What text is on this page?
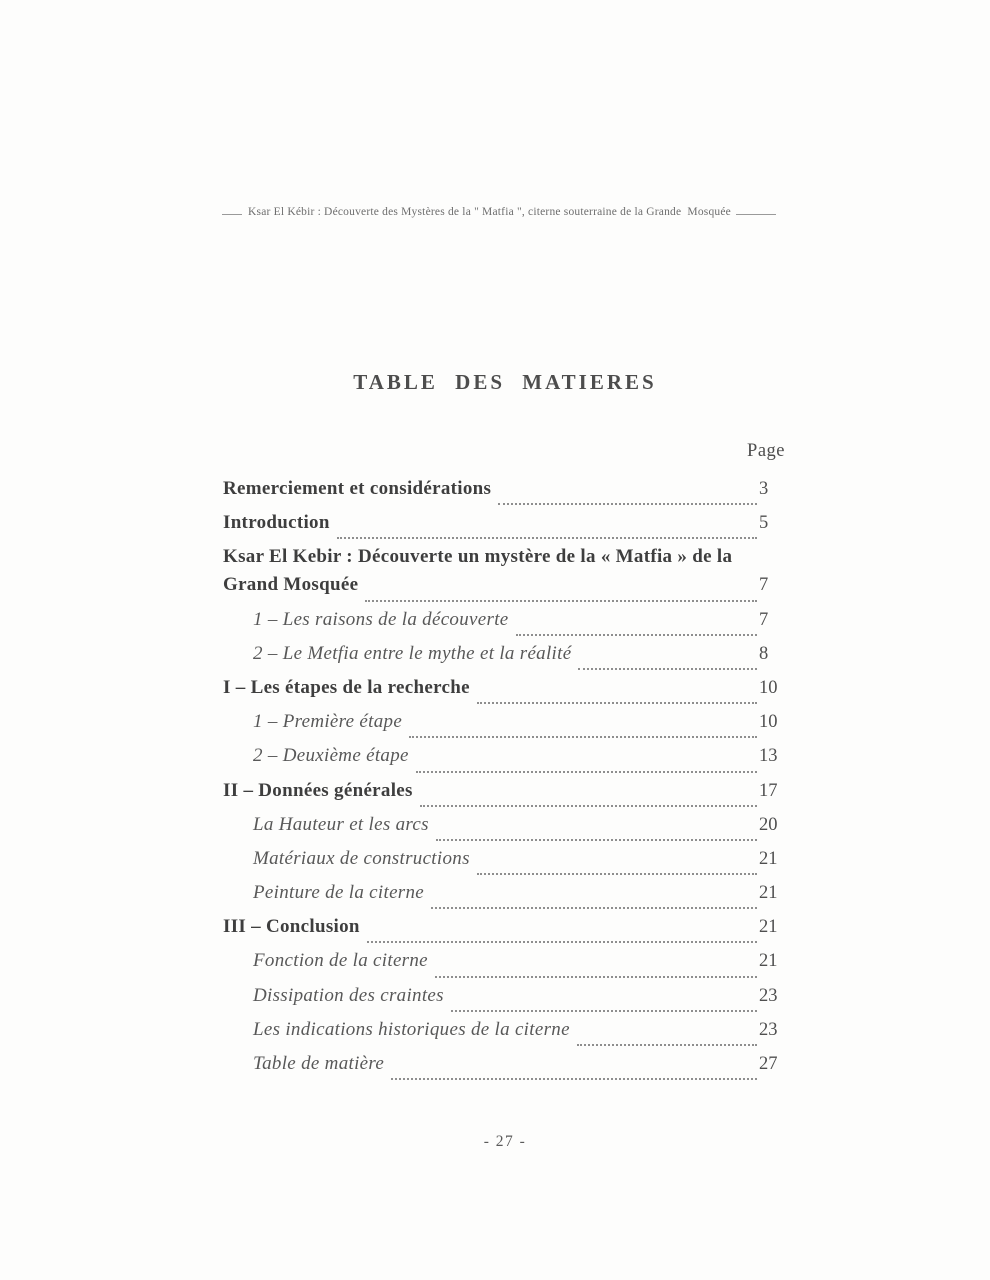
Ksar El Kébir : Découverte des Mystères de la " Matfia ", citerne souterraine de la Grande  Mosquée
TABLE DES MATIERES
Page
Remerciement et considérations	3
Introduction	5
Ksar El Kebir : Découverte un mystère de la « Matfia » de la
Grand Mosquée	7
1 – Les raisons de la découverte	7
2 – Le Metfia entre le mythe et la réalité	8
I – Les étapes de la recherche	10
1 – Première étape	10
2 – Deuxième étape	13
II – Données générales	17
La Hauteur et les arcs	20
Matériaux de constructions	21
Peinture de la citerne	21
III – Conclusion	21
Fonction de la citerne	21
Dissipation des craintes	23
Les indications historiques de la citerne	23
Table de matière	27
- 27 -
